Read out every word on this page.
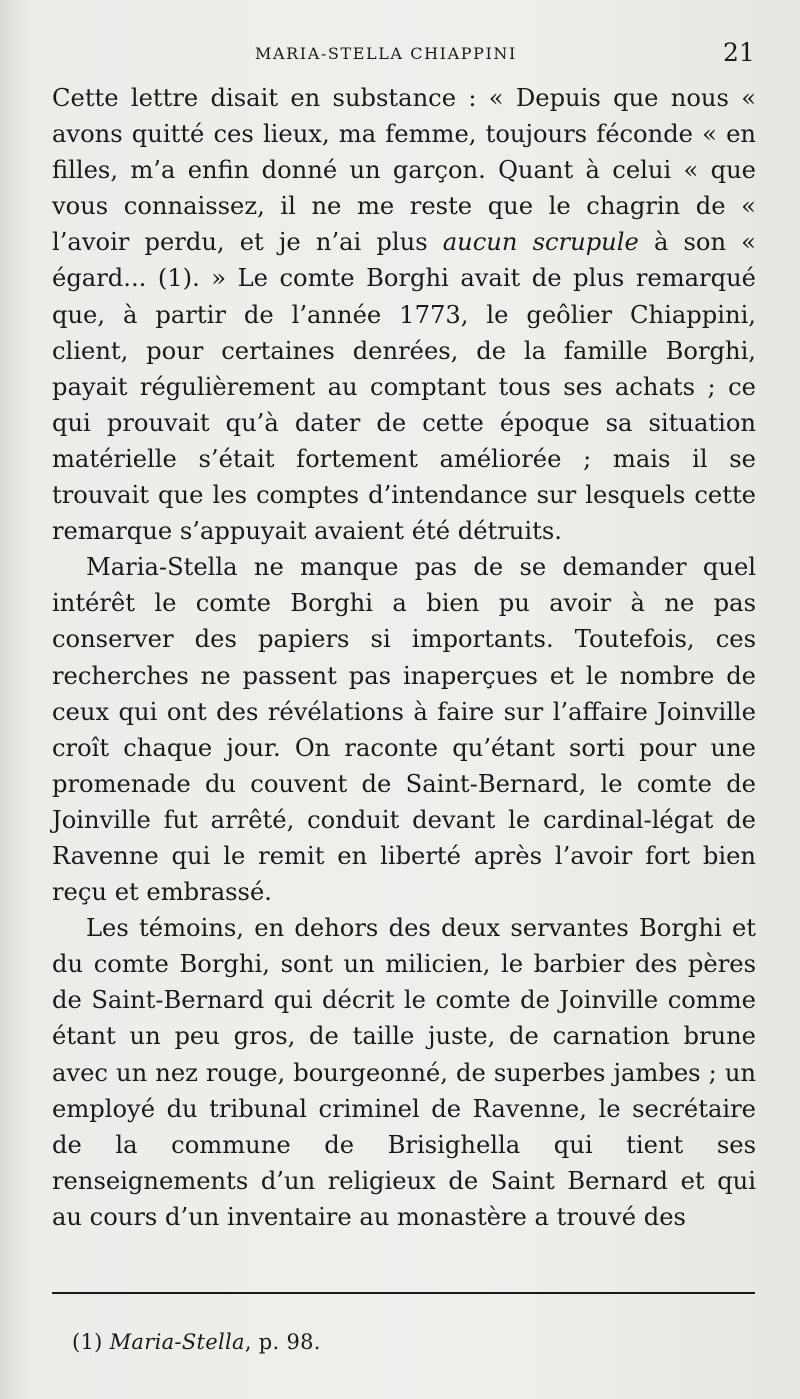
MARIA-STELLA CHIAPPINI	21

Cette lettre disait en substance : « Depuis que nous « avons quitté ces lieux, ma femme, toujours féconde « en filles, m’a enfin donné un garçon. Quant à celui « que vous connaissez, il ne me reste que le chagrin de « l’avoir perdu, et je n’ai plus aucun scrupule à son « égard... (1). » Le comte Borghi avait de plus remarqué que, à partir de l’année 1773, le geôlier Chiappini, client, pour certaines denrées, de la famille Borghi, payait régulièrement au comptant tous ses achats ; ce qui prouvait qu’à dater de cette époque sa situation matérielle s’était fortement améliorée ; mais il se trouvait que les comptes d’intendance sur lesquels cette remarque s’appuyait avaient été détruits.

Maria-Stella ne manque pas de se demander quel intérêt le comte Borghi a bien pu avoir à ne pas conserver des papiers si importants. Toutefois, ces recherches ne passent pas inaperçues et le nombre de ceux qui ont des révélations à faire sur l’affaire Joinville croît chaque jour. On raconte qu’étant sorti pour une promenade du couvent de Saint-Bernard, le comte de Joinville fut arrêté, conduit devant le cardinal-légat de Ravenne qui le remit en liberté après l’avoir fort bien reçu et embrassé.

Les témoins, en dehors des deux servantes Borghi et du comte Borghi, sont un milicien, le barbier des pères de Saint-Bernard qui décrit le comte de Joinville comme étant un peu gros, de taille juste, de carnation brune avec un nez rouge, bourgeonné, de superbes jambes ; un employé du tribunal criminel de Ravenne, le secrétaire de la commune de Brisighella qui tient ses renseignements d’un religieux de Saint Bernard et qui au cours d’un inventaire au monastère a trouvé des

(1) Maria-Stella, p. 98.
